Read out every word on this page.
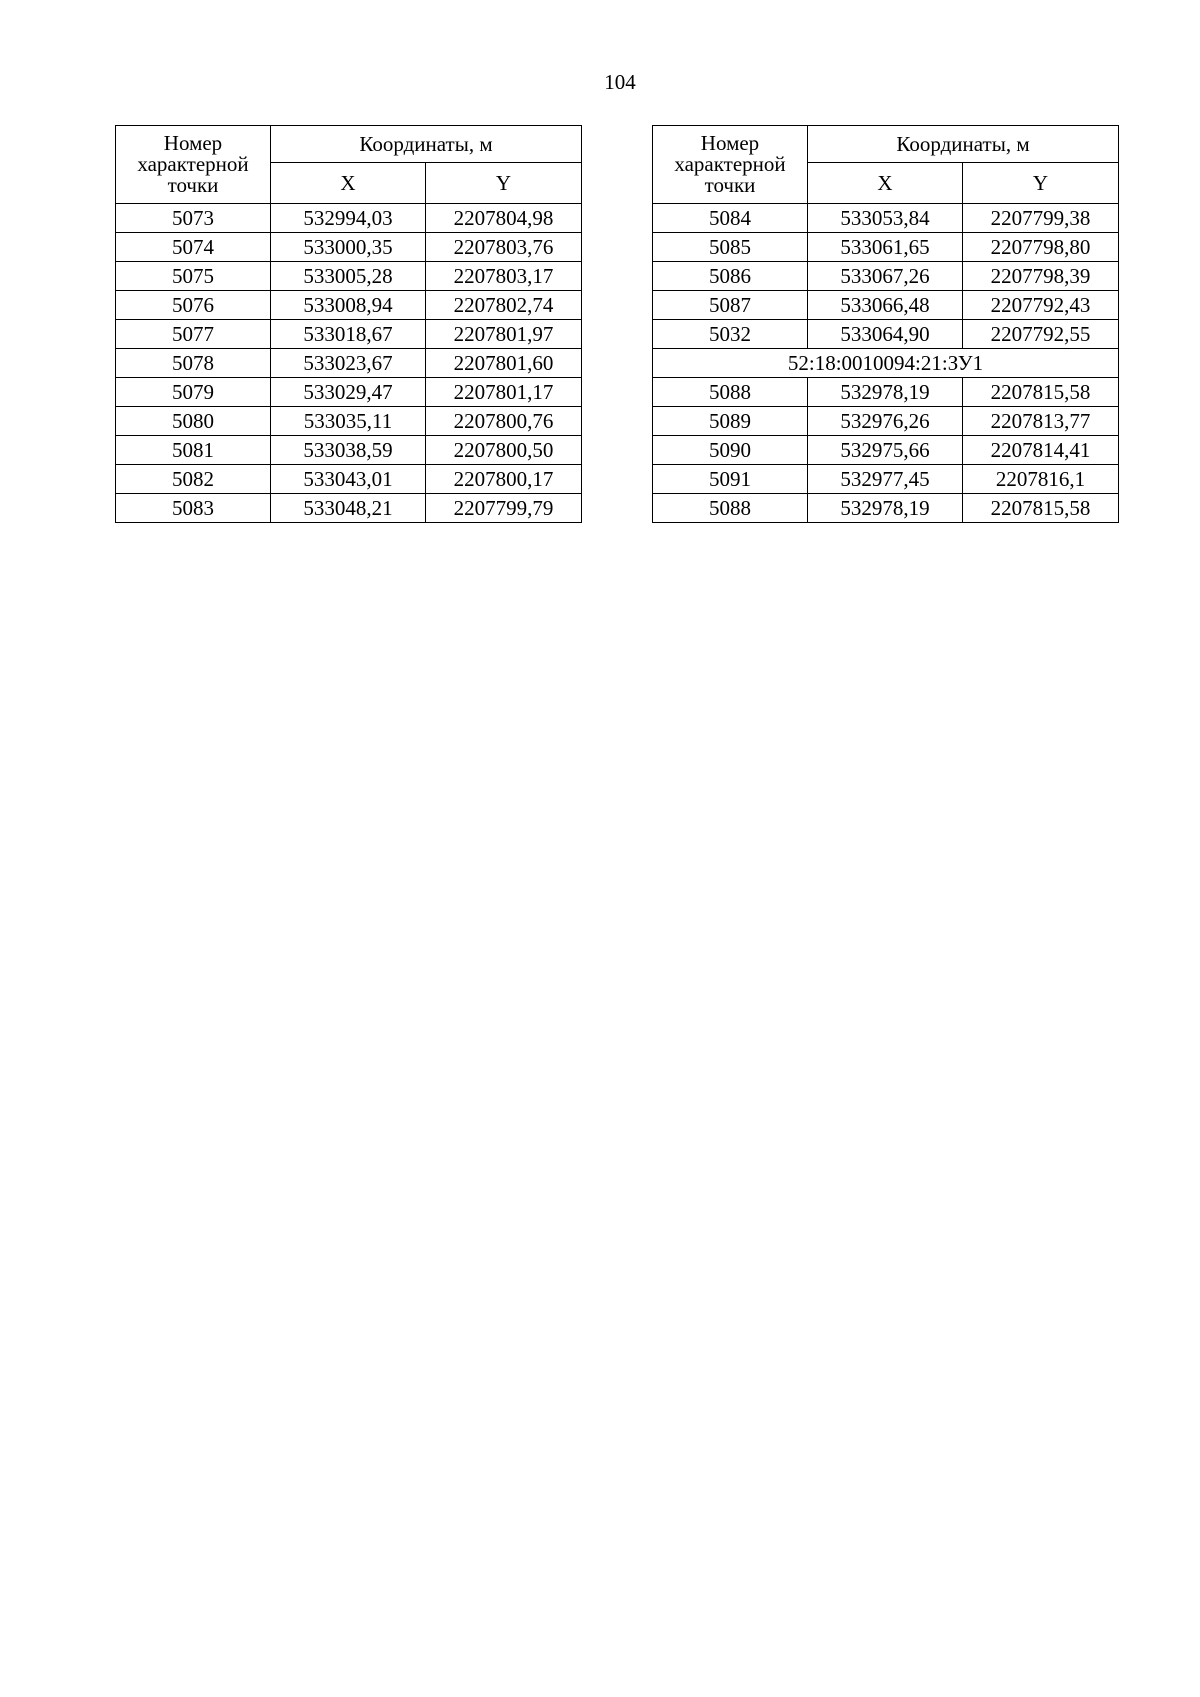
104
Номер характерной точки	Координаты, м	
	X	Y
5073	532994,03	2207804,98
5074	533000,35	2207803,76
5075	533005,28	2207803,17
5076	533008,94	2207802,74
5077	533018,67	2207801,97
5078	533023,67	2207801,60
5079	533029,47	2207801,17
5080	533035,11	2207800,76
5081	533038,59	2207800,50
5082	533043,01	2207800,17
5083	533048,21	2207799,79
Номер характерной точки	Координаты, м	
	X	Y
5084	533053,84	2207799,38
5085	533061,65	2207798,80
5086	533067,26	2207798,39
5087	533066,48	2207792,43
5032	533064,90	2207792,55
52:18:0010094:21:ЗУ1		
5088	532978,19	2207815,58
5089	532976,26	2207813,77
5090	532975,66	2207814,41
5091	532977,45	2207816,1
5088	532978,19	2207815,58
